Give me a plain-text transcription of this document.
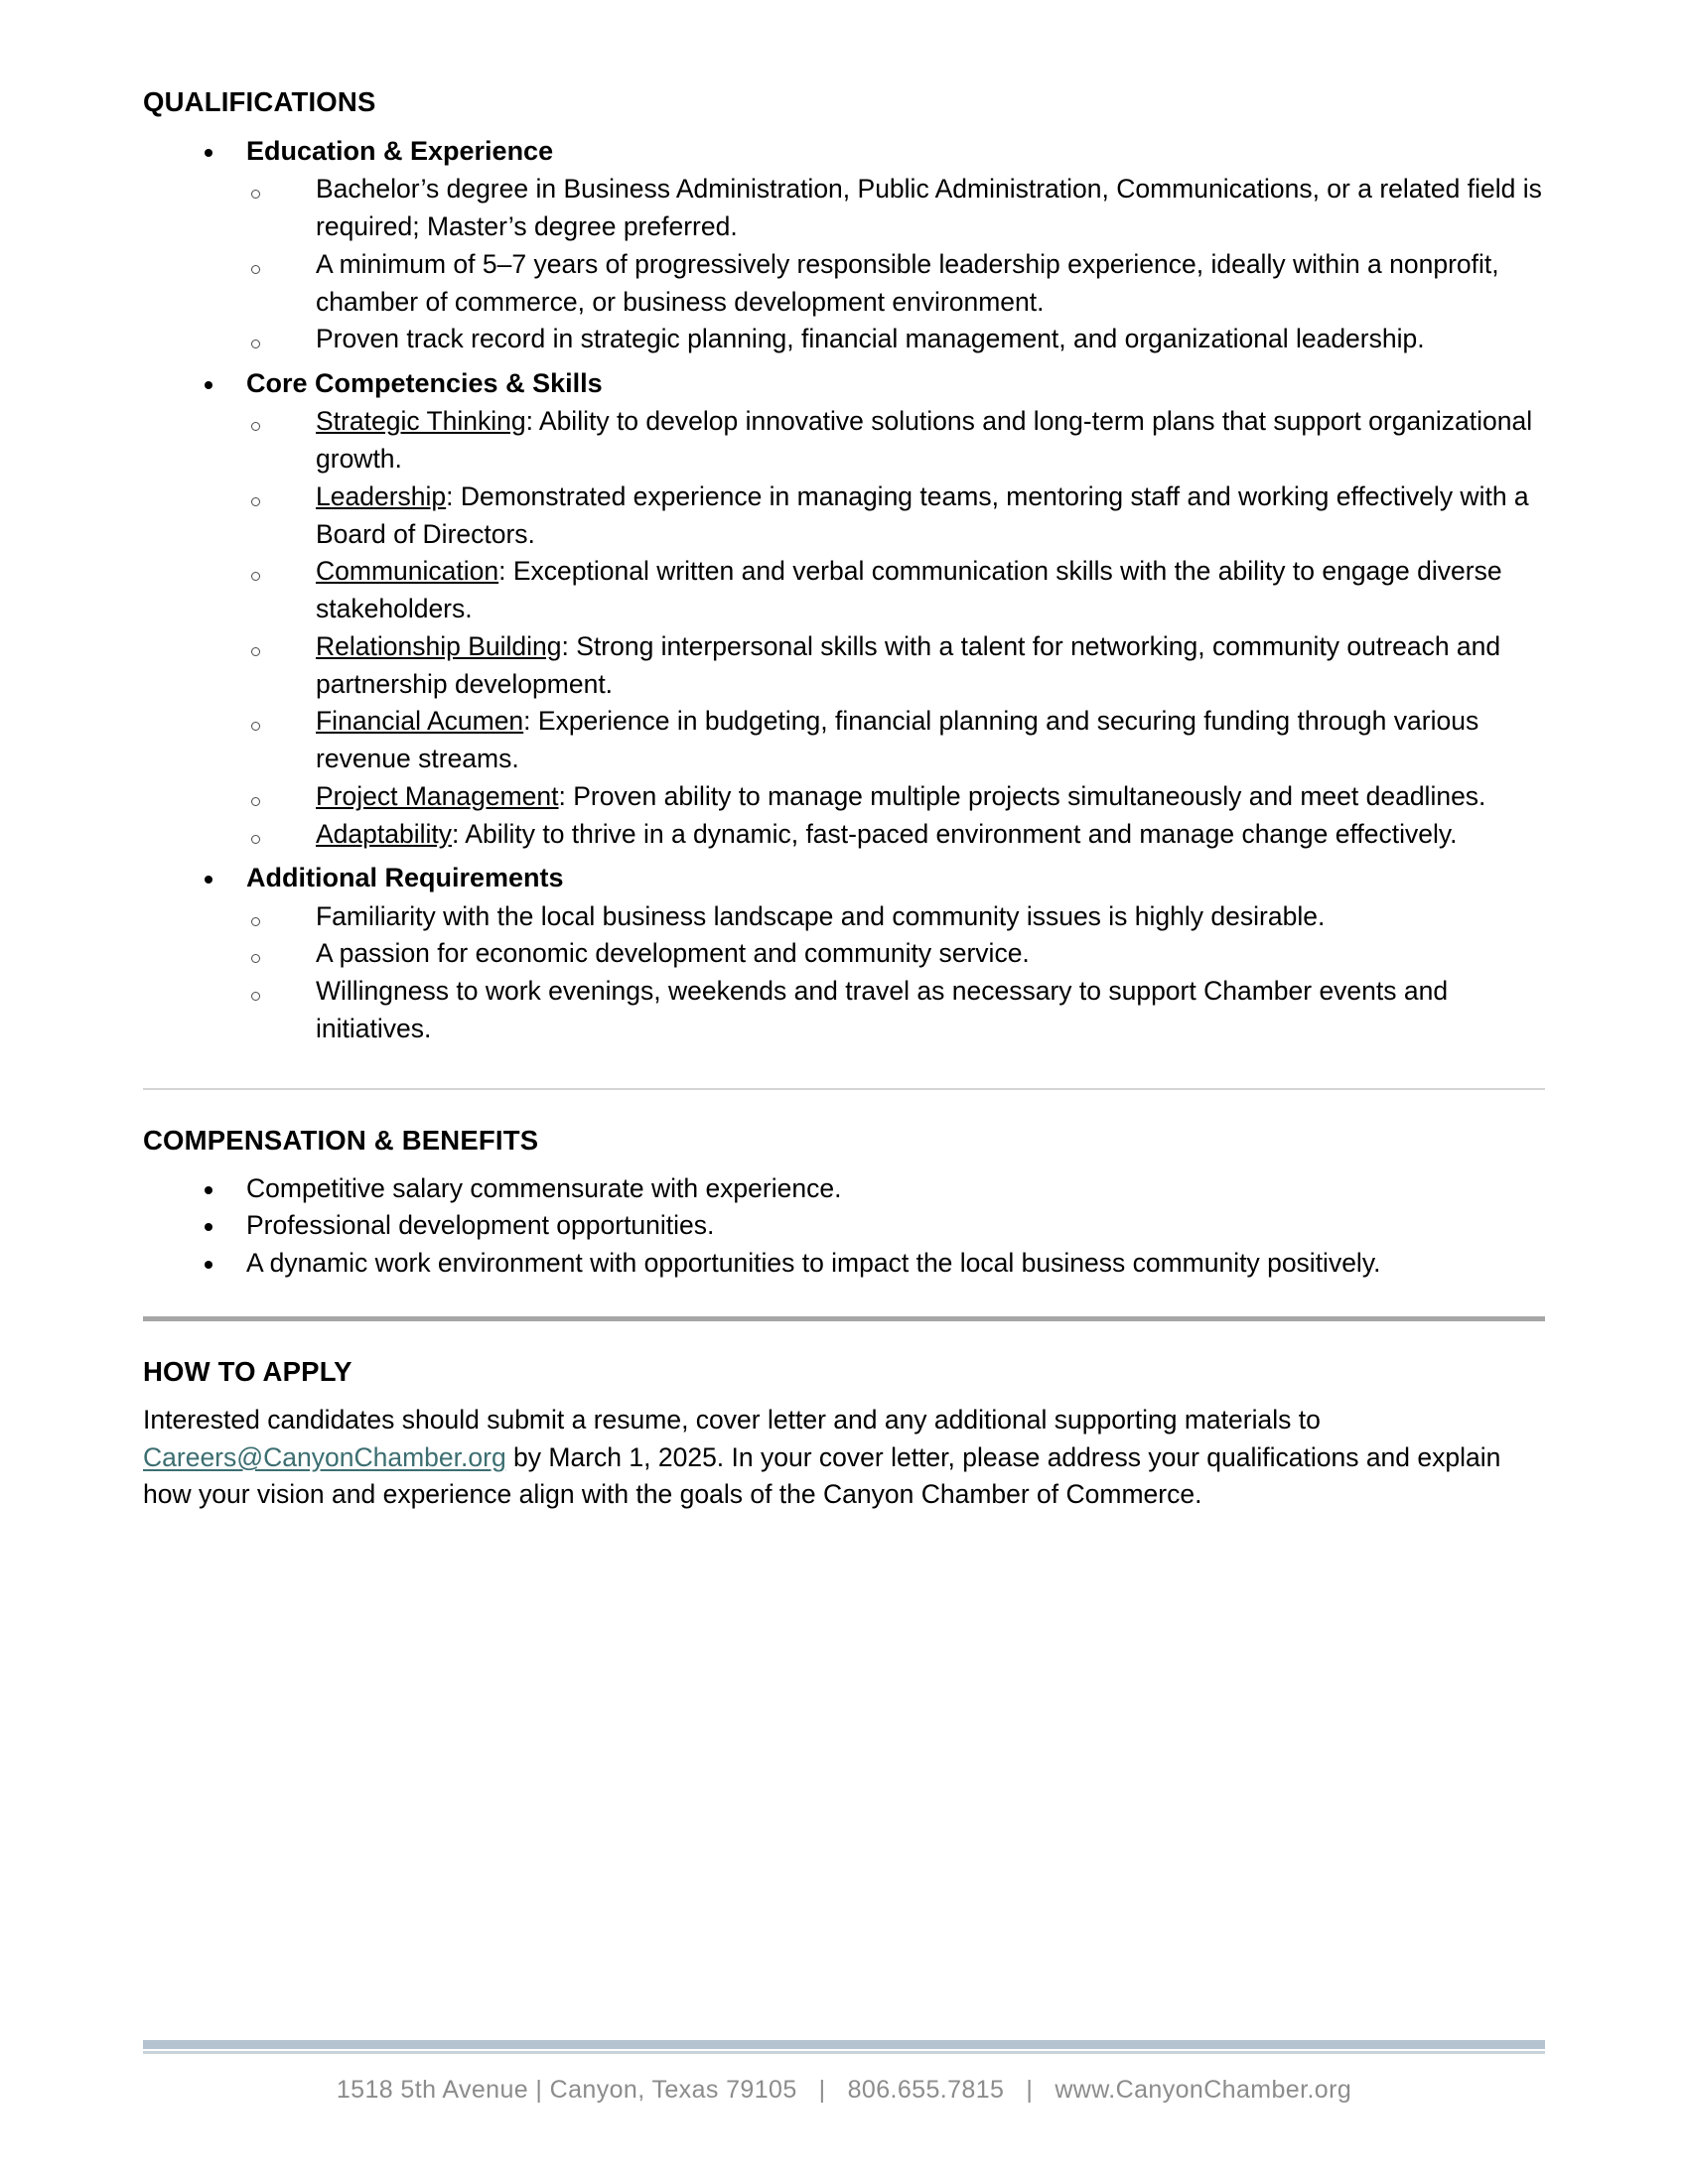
QUALIFICATIONS
Education & Experience
Bachelor’s degree in Business Administration, Public Administration, Communications, or a related field is required; Master’s degree preferred.
A minimum of 5–7 years of progressively responsible leadership experience, ideally within a nonprofit, chamber of commerce, or business development environment.
Proven track record in strategic planning, financial management, and organizational leadership.
Core Competencies & Skills
Strategic Thinking: Ability to develop innovative solutions and long-term plans that support organizational growth.
Leadership: Demonstrated experience in managing teams, mentoring staff and working effectively with a Board of Directors.
Communication: Exceptional written and verbal communication skills with the ability to engage diverse stakeholders.
Relationship Building: Strong interpersonal skills with a talent for networking, community outreach and partnership development.
Financial Acumen: Experience in budgeting, financial planning and securing funding through various revenue streams.
Project Management: Proven ability to manage multiple projects simultaneously and meet deadlines.
Adaptability: Ability to thrive in a dynamic, fast-paced environment and manage change effectively.
Additional Requirements
Familiarity with the local business landscape and community issues is highly desirable.
A passion for economic development and community service.
Willingness to work evenings, weekends and travel as necessary to support Chamber events and initiatives.
COMPENSATION & BENEFITS
Competitive salary commensurate with experience.
Professional development opportunities.
A dynamic work environment with opportunities to impact the local business community positively.
HOW TO APPLY

Interested candidates should submit a resume, cover letter and any additional supporting materials to Careers@CanyonChamber.org by March 1, 2025. In your cover letter, please address your qualifications and explain how your vision and experience align with the goals of the Canyon Chamber of Commerce.

1518 5th Avenue | Canyon, Texas 79105   |   806.655.7815   |   www.CanyonChamber.org
